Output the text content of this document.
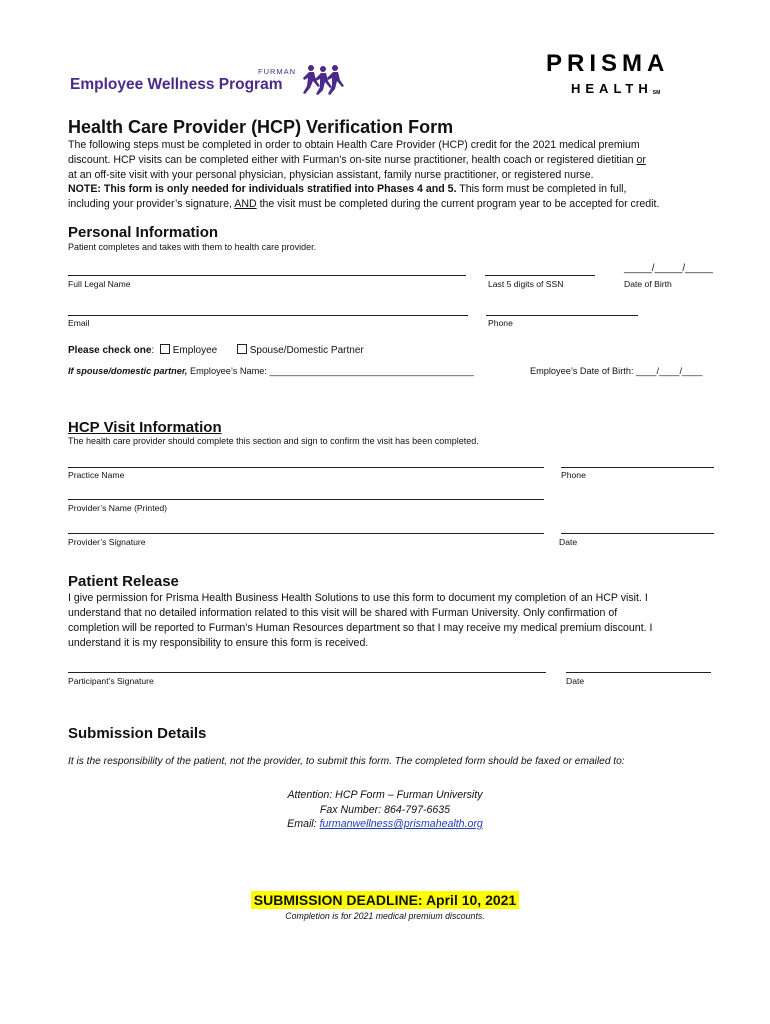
Employee Wellness Program
FURMAN	PRISMA
HEALTHSM
Health Care Provider (HCP) Verification Form
The following steps must be completed in order to obtain Health Care Provider (HCP) credit for the 2021 medical premium
discount. HCP visits can be completed either with Furman’s on-site nurse practitioner, health coach or registered dietitian or
at an off-site visit with your personal physician, physician assistant, family nurse practitioner, or registered nurse.
NOTE: This form is only needed for individuals stratified into Phases 4 and 5. This form must be completed in full,
including your provider’s signature, AND the visit must be completed during the current program year to be accepted for credit.
Personal Information
Patient completes and takes with them to health care provider.
_____/_____/_____
Full Legal Name	Last 5 digits of SSN	Date of Birth
Email	Phone
Please check one: Employee	Spouse/Domestic Partner
If spouse/domestic partner, Employee’s Name: ________________________________________	Employee’s Date of Birth: ____/____/____
HCP Visit Information
The health care provider should complete this section and sign to confirm the visit has been completed.
Practice Name	Phone
Provider’s Name (Printed)
Provider’s Signature	Date
Patient Release
I give permission for Prisma Health Business Health Solutions to use this form to document my completion of an HCP visit. I
understand that no detailed information related to this visit will be shared with Furman University. Only confirmation of
completion will be reported to Furman’s Human Resources department so that I may receive my medical premium discount. I
understand it is my responsibility to ensure this form is received.
Participant’s Signature	Date
Submission Details
It is the responsibility of the patient, not the provider, to submit this form. The completed form should be faxed or emailed to:
Attention: HCP Form – Furman University
Fax Number: 864-797-6635
Email: furmanwellness@prismahealth.org
SUBMISSION DEADLINE: April 10, 2021
Completion is for 2021 medical premium discounts.
